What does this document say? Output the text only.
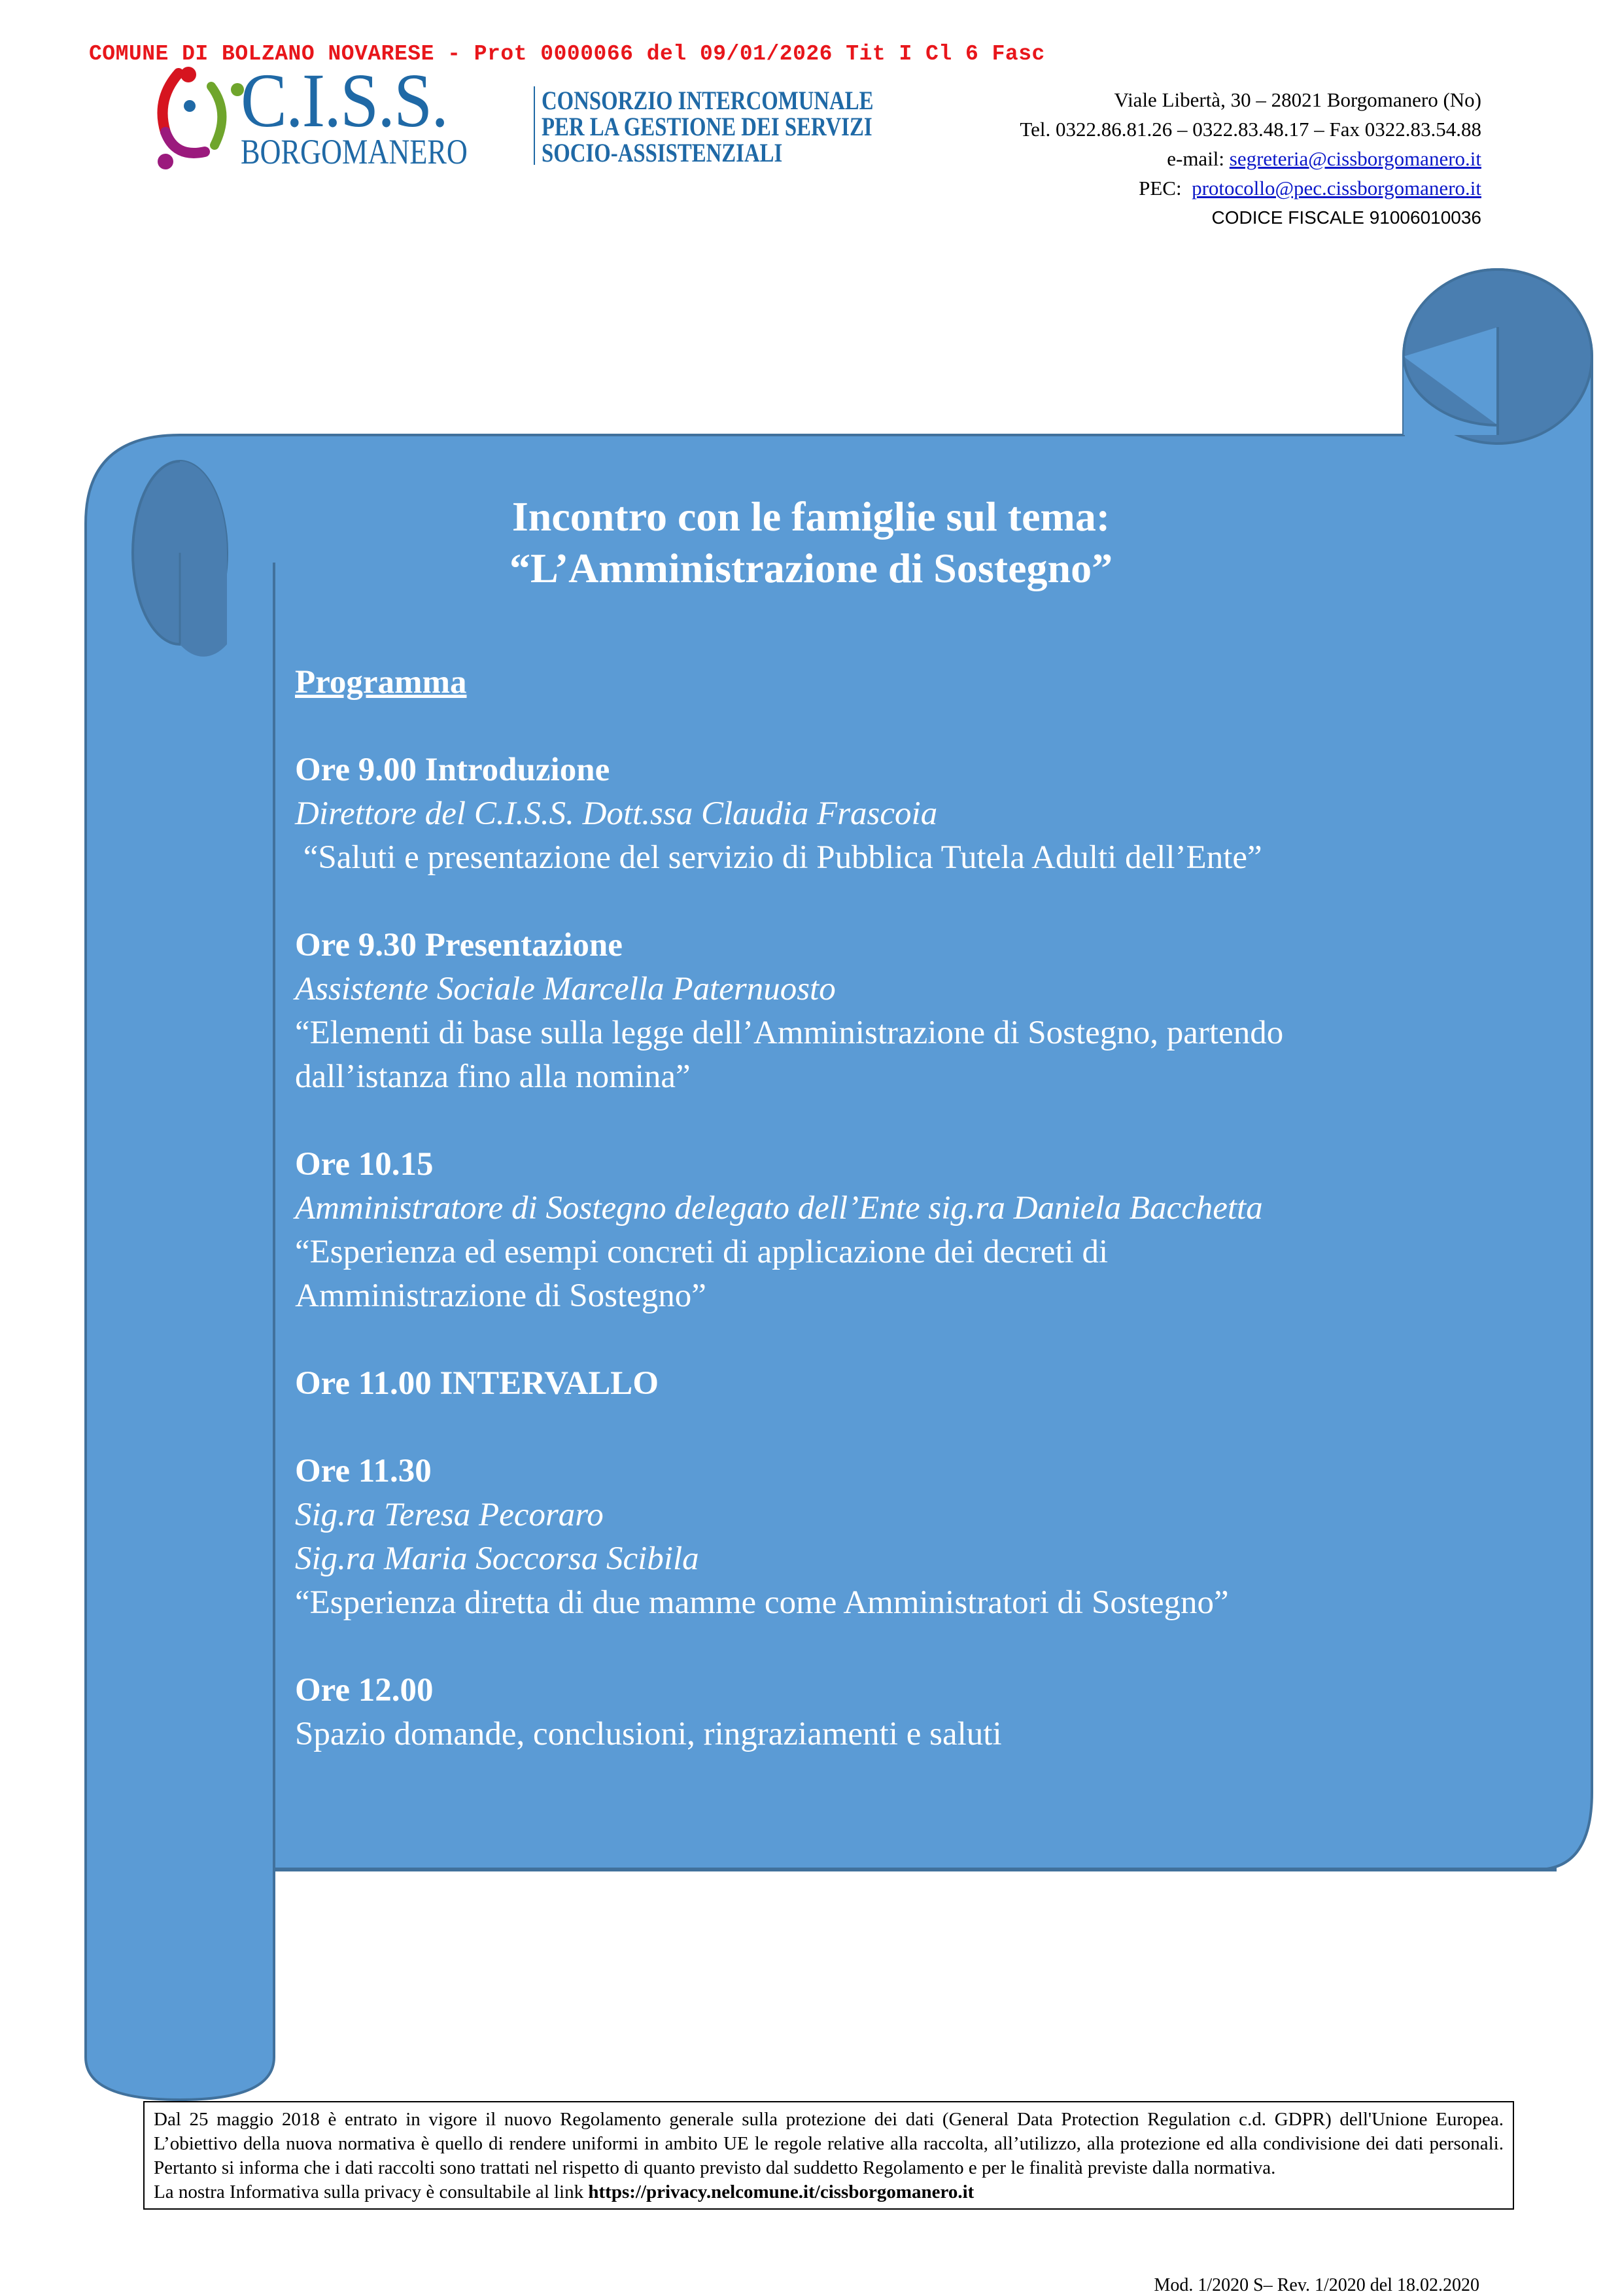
COMUNE DI BOLZANO NOVARESE - Prot 0000066 del 09/01/2026 Tit I Cl 6 Fasc
C.I.S.S.
BORGOMANERO
CONSORZIO INTERCOMUNALE
PER LA GESTIONE DEI SERVIZI
SOCIO-ASSISTENZIALI
Viale Libertà, 30 – 28021 Borgomanero (No)
Tel. 0322.86.81.26 – 0322.83.48.17 – Fax 0322.83.54.88
e-mail: segreteria@cissborgomanero.it
PEC:  protocollo@pec.cissborgomanero.it
CODICE FISCALE 91006010036
Incontro con le famiglie sul tema:
“L’Amministrazione di Sostegno”
Programma
Ore 9.00 Introduzione
Direttore del C.I.S.S. Dott.ssa Claudia Frascoia
“Saluti e presentazione del servizio di Pubblica Tutela Adulti dell’Ente”
Ore 9.30 Presentazione
Assistente Sociale Marcella Paternuosto
“Elementi di base sulla legge dell’Amministrazione di Sostegno, partendo
dall’istanza fino alla nomina”
Ore 10.15
Amministratore di Sostegno delegato dell’Ente sig.ra Daniela Bacchetta
“Esperienza ed esempi concreti di applicazione dei decreti di
Amministrazione di Sostegno”
Ore 11.00 INTERVALLO
Ore 11.30
Sig.ra Teresa Pecoraro
Sig.ra Maria Soccorsa Scibila
“Esperienza diretta di due mamme come Amministratori di Sostegno”
Ore 12.00
Spazio domande, conclusioni, ringraziamenti e saluti
Dal 25 maggio 2018 è entrato in vigore il nuovo Regolamento generale sulla protezione dei dati (General Data Protection Regulation c.d. GDPR) dell'Unione Europea. L’obiettivo della nuova normativa è quello di rendere uniformi in ambito UE le regole relative alla raccolta, all’utilizzo, alla protezione ed alla condivisione dei dati personali. Pertanto si informa che i dati raccolti sono trattati nel rispetto di quanto previsto dal suddetto Regolamento e per le finalità previste dalla normativa.
La nostra Informativa sulla privacy è consultabile al link https://privacy.nelcomune.it/cissborgomanero.it
Mod. 1/2020 S– Rev. 1/2020 del 18.02.2020
